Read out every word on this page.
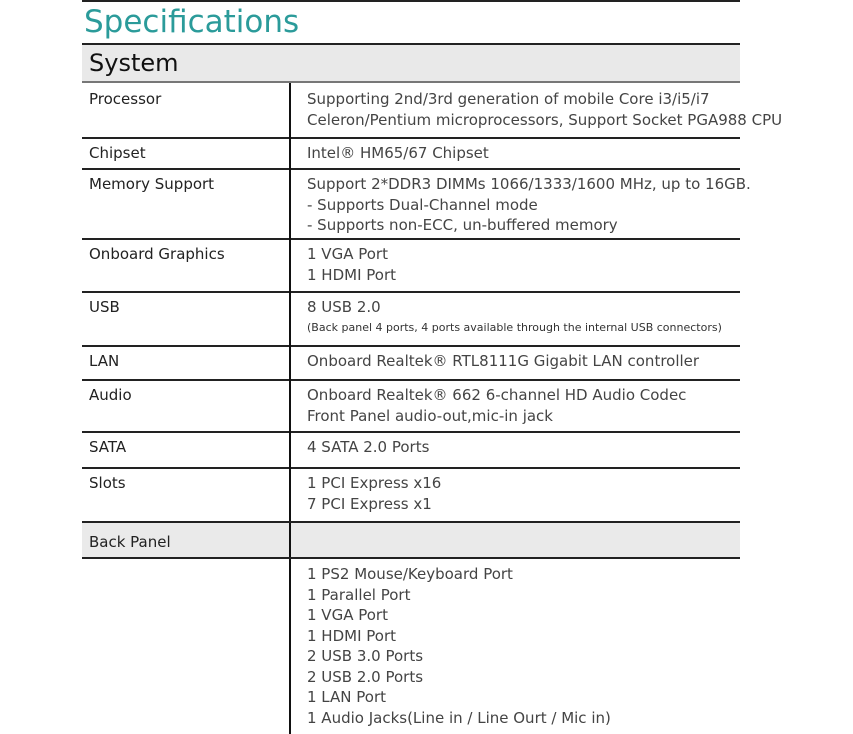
Specifications
System
Processor	Supporting 2nd/3rd generation of mobile Core i3/i5/i7
Celeron/Pentium microprocessors, Support Socket PGA988 CPU
Chipset	Intel® HM65/67 Chipset
Memory Support	Support 2*DDR3 DIMMs 1066/1333/1600 MHz, up to 16GB.
- Supports Dual-Channel mode
- Supports non-ECC, un-buffered memory
Onboard Graphics	1 VGA Port
1 HDMI Port
USB	8 USB 2.0
(Back panel 4 ports, 4 ports available through the internal USB connectors)
LAN	Onboard Realtek® RTL8111G Gigabit LAN controller
Audio	Onboard Realtek® 662 6-channel HD Audio Codec
Front Panel audio-out,mic-in jack
SATA	4 SATA 2.0 Ports
Slots	1 PCI Express x16
7 PCI Express x1
Back Panel
1 PS2 Mouse/Keyboard Port
1 Parallel Port
1 VGA Port
1 HDMI Port
2 USB 3.0 Ports
2 USB 2.0 Ports
1 LAN Port
1 Audio Jacks(Line in / Line Ourt / Mic in)
